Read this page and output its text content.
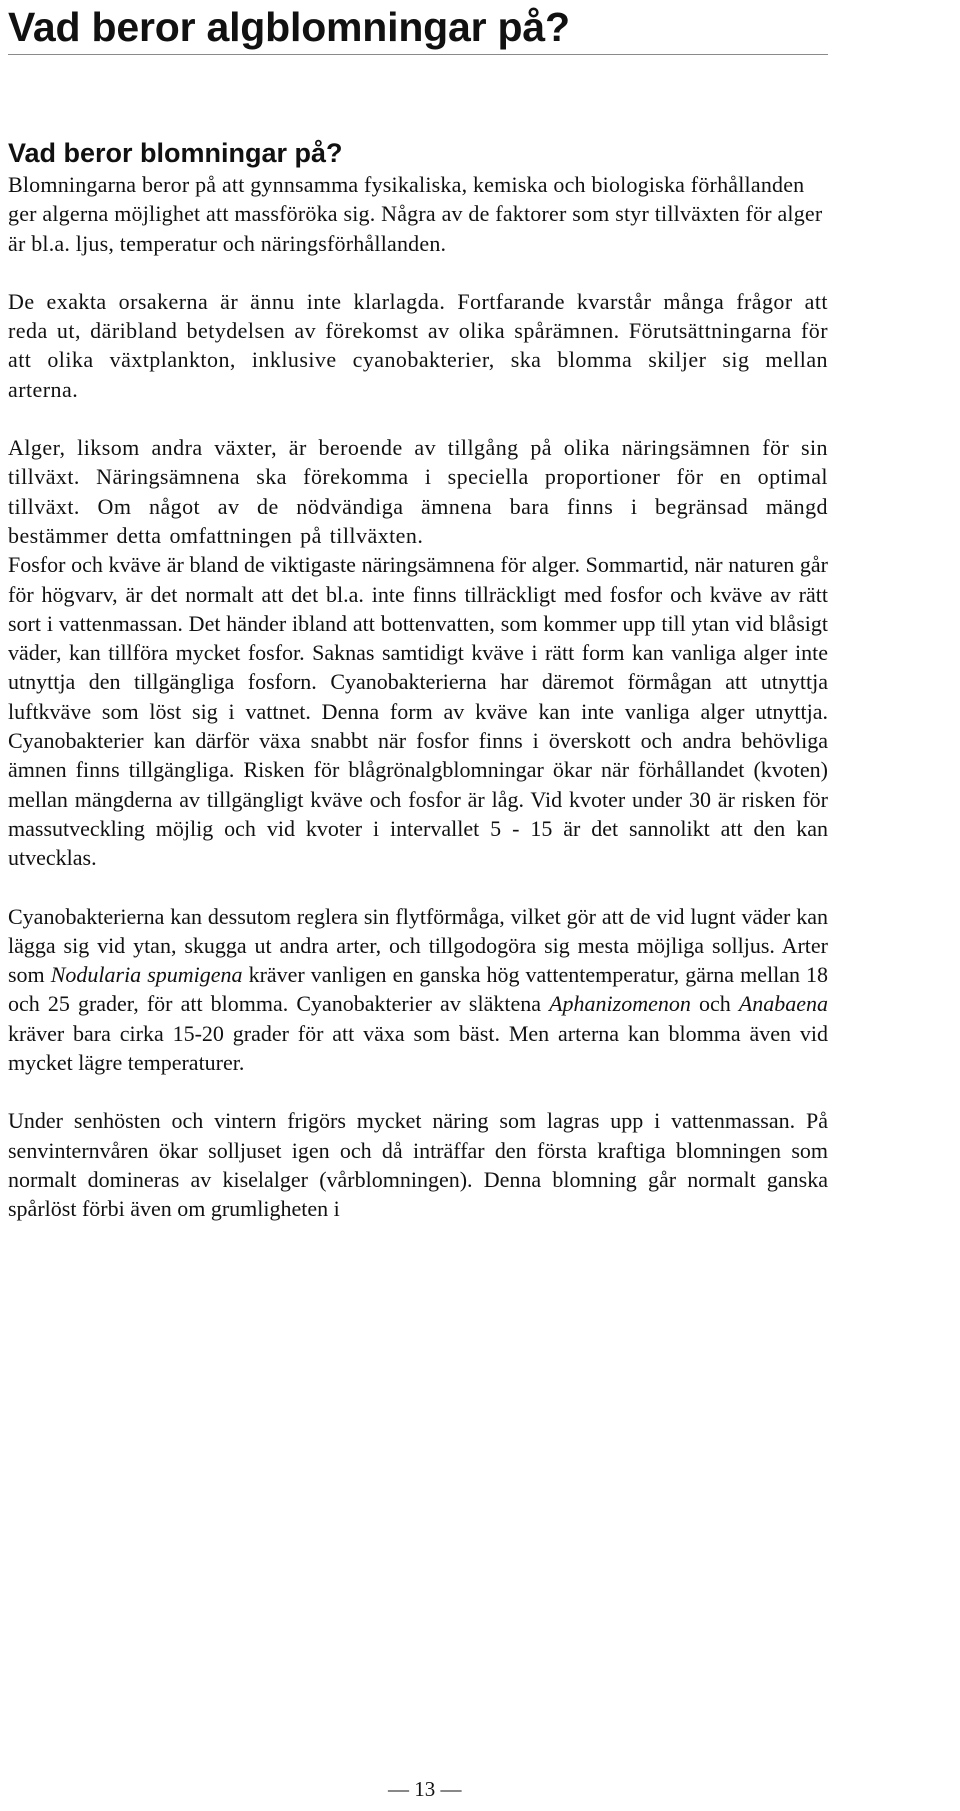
Vad beror algblomningar på?
Vad beror blomningar på?

Blomningarna beror på att gynnsamma fysikaliska, kemiska och biologiska förhållanden ger algerna möjlighet att massföröka sig. Några av de faktorer som styr tillväxten för alger är bl.a. ljus, temperatur och näringsförhållanden.

De exakta orsakerna är ännu inte klarlagda. Fortfarande kvarstår många frågor att reda ut, däribland betydelsen av förekomst av olika spårämnen. Förutsättningarna för att olika växtplankton, inklusive cyanobakterier, ska blomma skiljer sig mellan arterna.

Alger, liksom andra växter, är beroende av tillgång på olika näringsämnen för sin tillväxt. Näringsämnena ska förekomma i speciella proportioner för en optimal tillväxt. Om något av de nödvändiga ämnena bara finns i begränsad mängd bestämmer detta omfattningen på tillväxten.

Fosfor och kväve är bland de viktigaste näringsämnena för alger. Sommartid, när naturen går för högvarv, är det normalt att det bl.a. inte finns tillräckligt med fosfor och kväve av rätt sort i vattenmassan. Det händer ibland att bottenvatten, som kommer upp till ytan vid blåsigt väder, kan tillföra mycket fosfor. Saknas samtidigt kväve i rätt form kan vanliga alger inte utnyttja den tillgängliga fosforn. Cyanobakterierna har däremot förmågan att utnyttja luftkväve som löst sig i vattnet. Denna form av kväve kan inte vanliga alger utnyttja. Cyanobakterier kan därför växa snabbt när fosfor finns i överskott och andra behövliga ämnen finns tillgängliga. Risken för blågrönalgblomningar ökar när förhållandet (kvoten) mellan mängderna av tillgängligt kväve och fosfor är låg. Vid kvoter under 30 är risken för massutveckling möjlig och vid kvoter i intervallet 5 - 15 är det sannolikt att den kan utvecklas.

Cyanobakterierna kan dessutom reglera sin flytförmåga, vilket gör att de vid lugnt väder kan lägga sig vid ytan, skugga ut andra arter, och tillgodogöra sig mesta möjliga solljus. Arter som Nodularia spumigena kräver vanligen en ganska hög vattentemperatur, gärna mellan 18 och 25 grader, för att blomma. Cyanobakterier av släktena Aphanizomenon och Anabaena kräver bara cirka 15-20 grader för att växa som bäst. Men arterna kan blomma även vid mycket lägre temperaturer.

Under senhösten och vintern frigörs mycket näring som lagras upp i vattenmassan. På senvinternvåren ökar solljuset igen och då inträffar den första kraftiga blomningen som normalt domineras av kiselalger (vårblomningen). Denna blomning går normalt ganska spårlöst förbi även om grumligheten i

— 13 —
